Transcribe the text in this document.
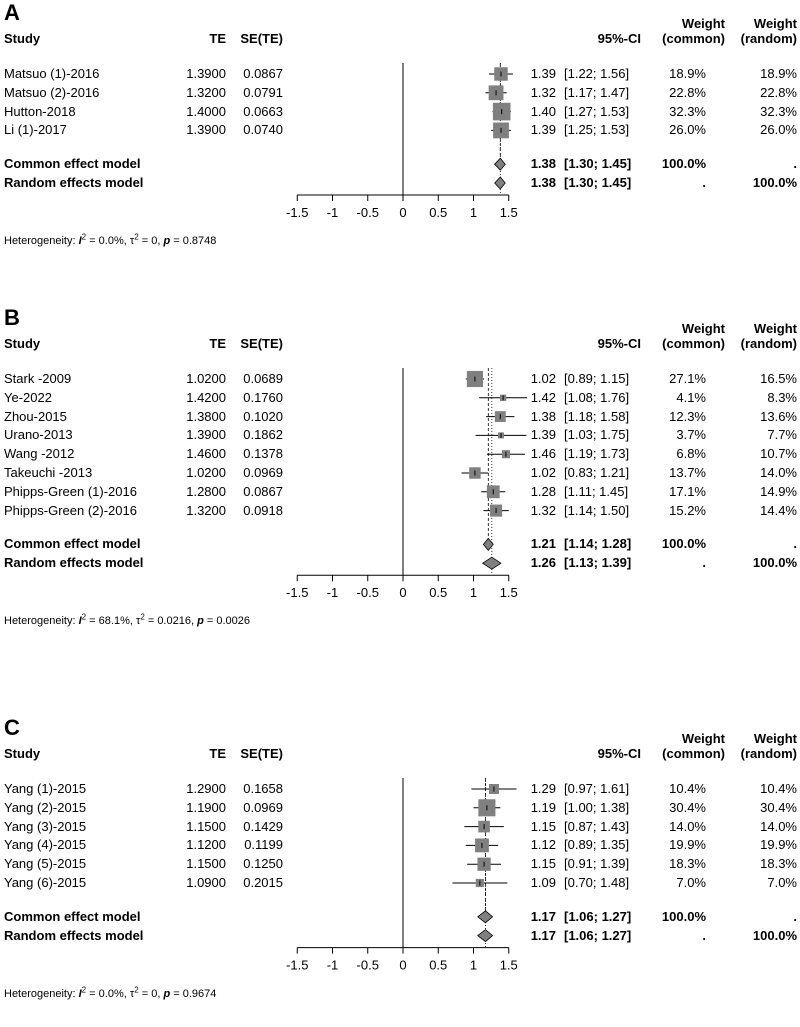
A
Study	TE	SE(TE)	95%-CI
Weight
(common)
Weight
(random)
Matsuo (1)-2016	1.3900	0.0867	1.39 [1.22; 1.56]	18.9%	18.9%
Matsuo (2)-2016	1.3200	0.0791	1.32 [1.17; 1.47]	22.8%	22.8%
Hutton-2018	1.4000	0.0663	1.40 [1.27; 1.53]	32.3%	32.3%
Li (1)-2017	1.3900	0.0740	1.39 [1.25; 1.53]	26.0%	26.0%
Common effect model	1.38 [1.30; 1.45]	100.0%	.
Random effects model	1.38 [1.30; 1.45]	.	100.0%
-1.5 -1 -0.5 0 0.5 1 1.5
Heterogeneity: $I^2 = 0.0\%$, $\tau^2 = 0$, p = 0.8748
B
Study	TE	SE(TE)	95%-CI
Weight
(common)
Weight
(random)
Stark -2009	1.0200	0.0689	1.02 [0.89; 1.15]	27.1%	16.5%
Ye-2022	1.4200	0.1760	1.42 [1.08; 1.76]	4.1%	8.3%
Zhou-2015	1.3800	0.1020	1.38 [1.18; 1.58]	12.3%	13.6%
Urano-2013	1.3900	0.1862	1.39 [1.03; 1.75]	3.7%	7.7%
Wang -2012	1.4600	0.1378	1.46 [1.19; 1.73]	6.8%	10.7%
Takeuchi -2013	1.0200	0.0969	1.02 [0.83; 1.21]	13.7%	14.0%
Phipps-Green (1)-2016	1.2800	0.0867	1.28 [1.11; 1.45]	17.1%	14.9%
Phipps-Green (2)-2016	1.3200	0.0918	1.32 [1.14; 1.50]	15.2%	14.4%
Common effect model	1.21 [1.14; 1.28]	100.0%	.
Random effects model	1.26 [1.13; 1.39]	.	100.0%
-1.5 -1 -0.5 0 0.5 1 1.5
Heterogeneity: $I^2 = 68.1\%$, $\tau^2 = 0.0216$, p = 0.0026
C
Study	TE	SE(TE)	95%-CI
Weight
(common)
Weight
(random)
Yang (1)-2015	1.2900	0.1658	1.29 [0.97; 1.61]	10.4%	10.4%
Yang (2)-2015	1.1900	0.0969	1.19 [1.00; 1.38]	30.4%	30.4%
Yang (3)-2015	1.1500	0.1429	1.15 [0.87; 1.43]	14.0%	14.0%
Yang (4)-2015	1.1200	0.1199	1.12 [0.89; 1.35]	19.9%	19.9%
Yang (5)-2015	1.1500	0.1250	1.15 [0.91; 1.39]	18.3%	18.3%
Yang (6)-2015	1.0900	0.2015	1.09 [0.70; 1.48]	7.0%	7.0%
Common effect model	1.17 [1.06; 1.27]	100.0%	.
Random effects model	1.17 [1.06; 1.27]	.	100.0%
-1.5 -1 -0.5 0 0.5 1 1.5
Heterogeneity: $I^2 = 0.0\%$, $\tau^2 = 0$, p = 0.9674
